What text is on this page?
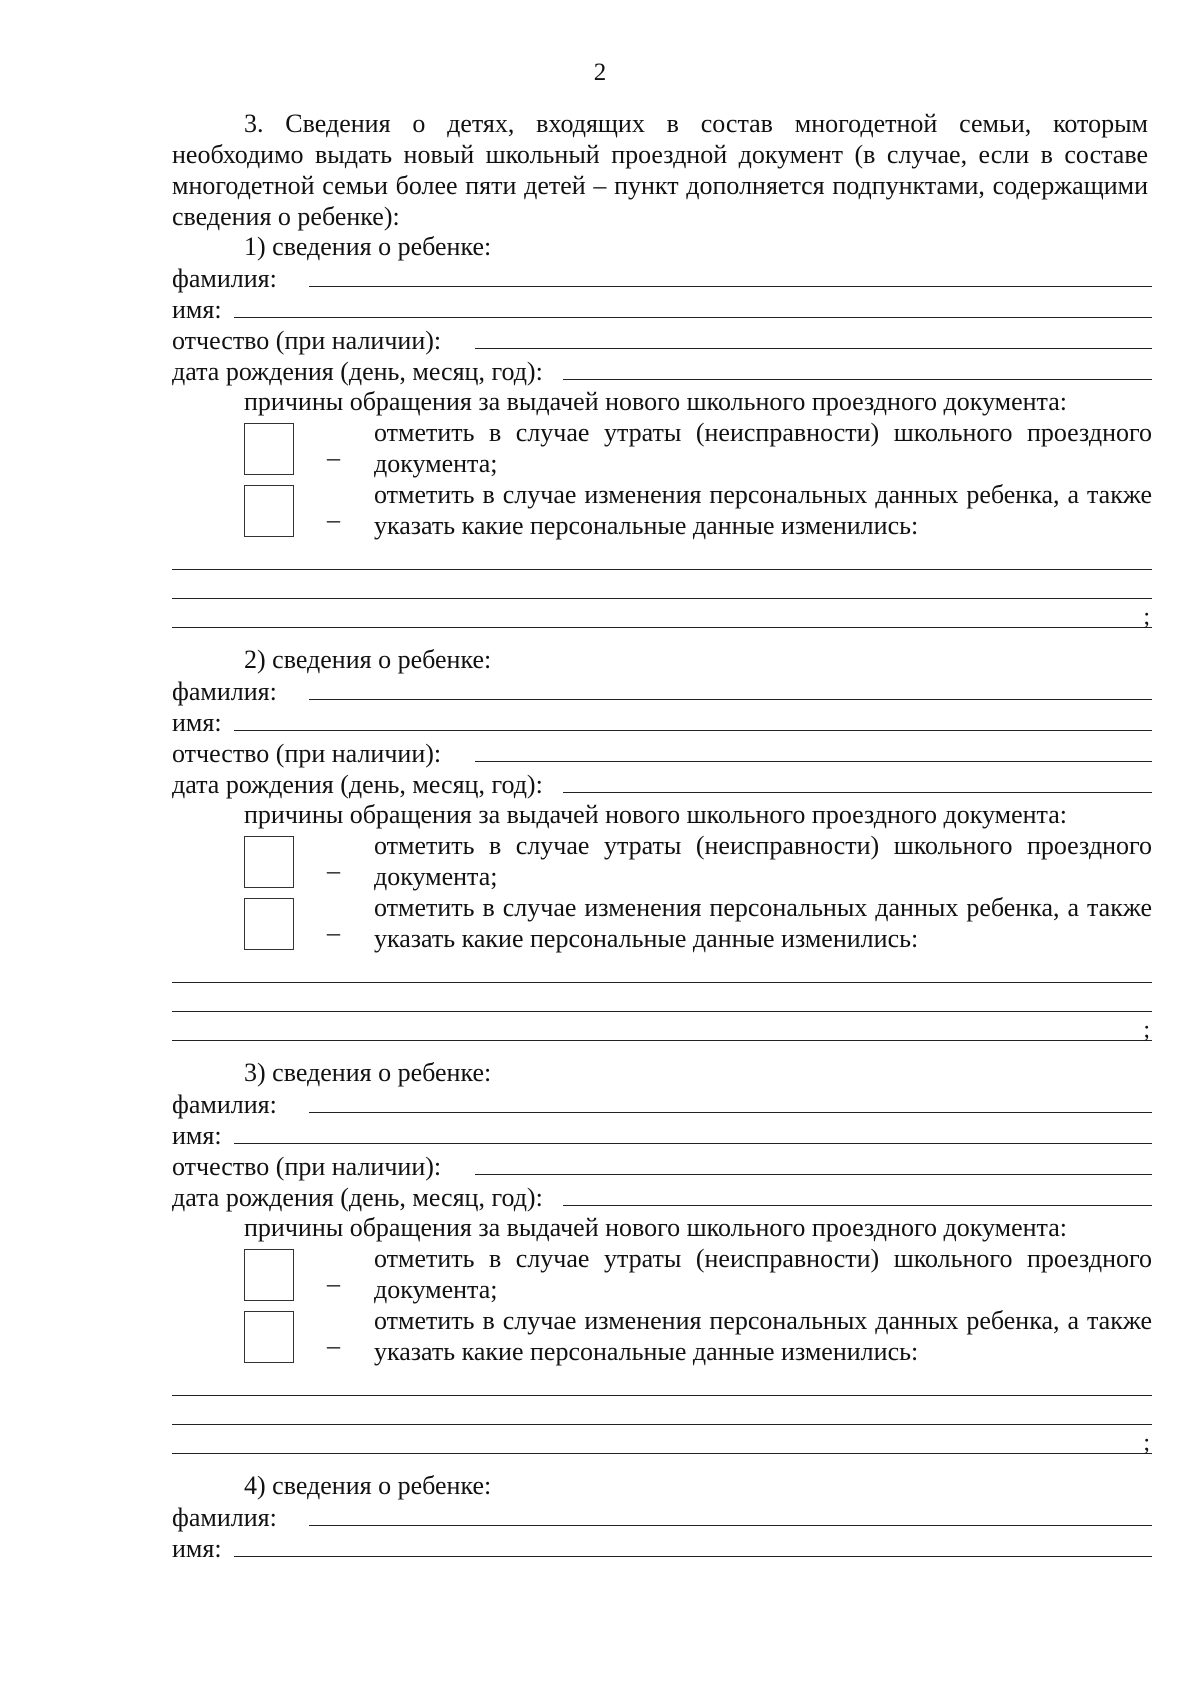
2

3. Сведения о детях, входящих в состав многодетной семьи, которым необходимо выдать новый школьный проездной документ (в случае, если в составе многодетной семьи более пяти детей – пункт дополняется подпунктами, содержащими сведения о ребенке):

1) сведения о ребенке:
фамилия:
имя:
отчество (при наличии):
дата рождения (день, месяц, год):
причины обращения за выдачей нового школьного проездного документа:
_
отметить в случае утраты (неисправности) школьного проездного документа;
_
отметить в случае изменения персональных данных ребенка, а также указать какие персональные данные изменились:
;
2) сведения о ребенке:
фамилия:
имя:
отчество (при наличии):
дата рождения (день, месяц, год):
причины обращения за выдачей нового школьного проездного документа:
_
отметить в случае утраты (неисправности) школьного проездного документа;
_
отметить в случае изменения персональных данных ребенка, а также указать какие персональные данные изменились:
;
3) сведения о ребенке:
фамилия:
имя:
отчество (при наличии):
дата рождения (день, месяц, год):
причины обращения за выдачей нового школьного проездного документа:
_
отметить в случае утраты (неисправности) школьного проездного документа;
_
отметить в случае изменения персональных данных ребенка, а также указать какие персональные данные изменились:
;
4) сведения о ребенке:
фамилия:
имя:
